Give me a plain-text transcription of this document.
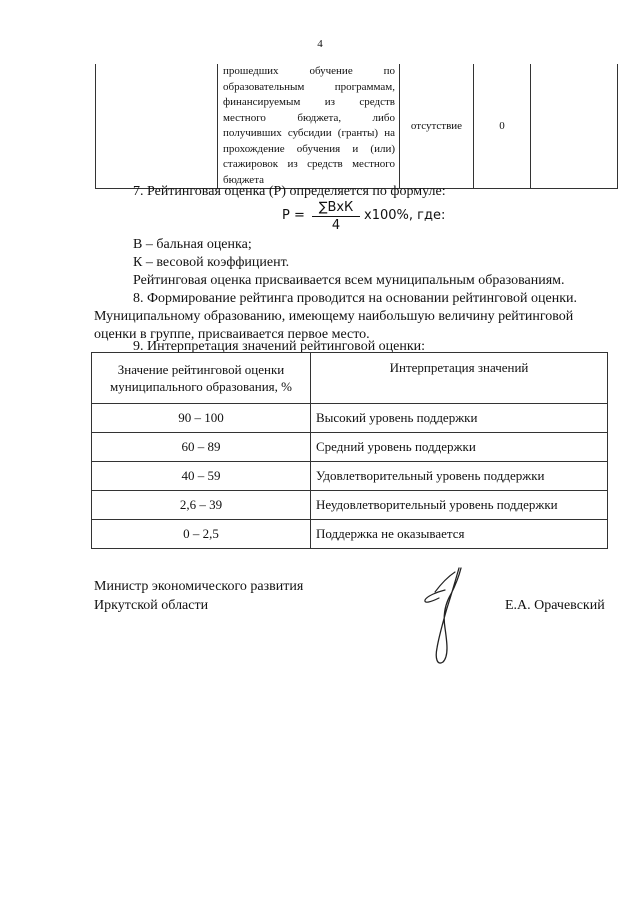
4
	прошедших обучение по образовательным программам, финансируемым из средств местного бюджета, либо получивших субсидии (гранты) на прохождение обучения и (или) стажировок из средств местного бюджета	отсутствие	0	
7. Рейтинговая оценка (Р) определяется по формуле:
Р =
∑ВхК
4
х100%, где:
В – бальная оценка;
К – весовой коэффициент.
Рейтинговая оценка присваивается всем муниципальным образованиям.
8. Формирование рейтинга проводится на основании рейтинговой оценки.
Муниципальному образованию, имеющему наибольшую величину рейтинговой
оценки в группе, присваивается первое место.
9. Интерпретация значений рейтинговой оценки:
Значение рейтинговой оценки муниципального образования, %	Интерпретация значений
90 – 100	Высокий уровень поддержки
60 – 89	Средний уровень поддержки
40 – 59	Удовлетворительный уровень поддержки
2,6 – 39	Неудовлетворительный уровень поддержки
0 – 2,5	Поддержка не оказывается
Министр экономического развития
Иркутской области	Е.А. Орачевский
